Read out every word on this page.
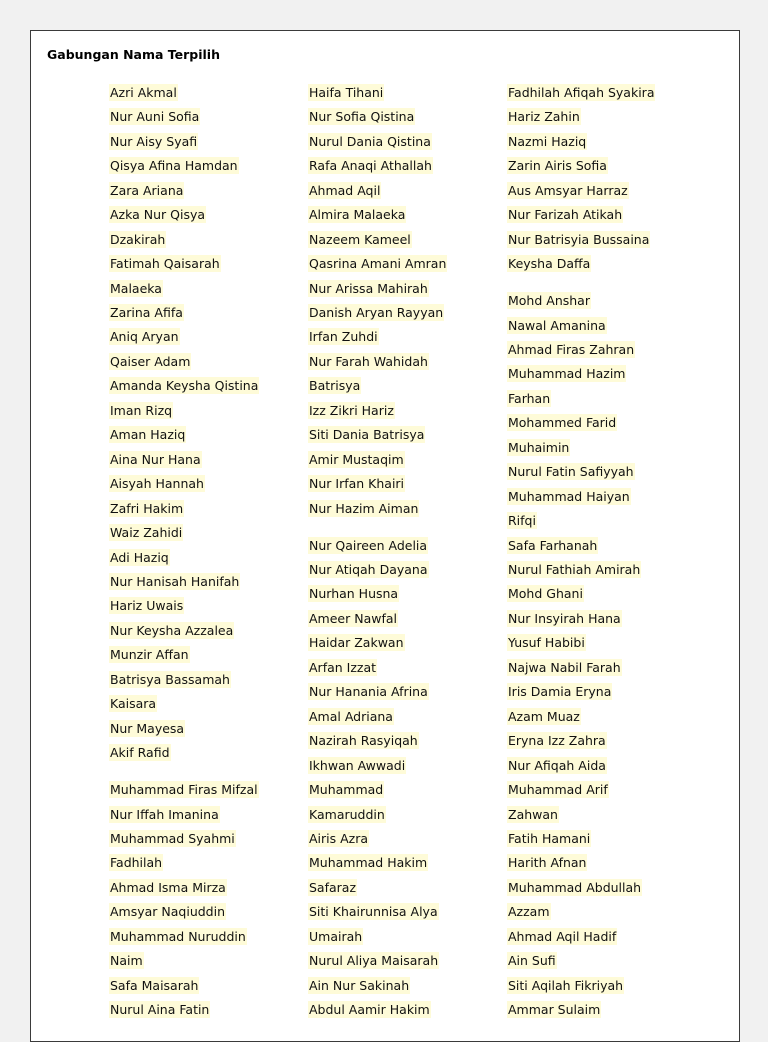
Gabungan Nama Terpilih
Azri Akmal
Nur Auni Sofia
Nur Aisy Syafi
Qisya Afina Hamdan
Zara Ariana
Azka Nur Qisya
Dzakirah
Fatimah Qaisarah
Malaeka
Zarina Afifa
Aniq Aryan
Qaiser Adam
Amanda Keysha Qistina
Iman Rizq
Aman Haziq
Aina Nur Hana
Aisyah Hannah
Zafri Hakim
Waiz Zahidi
Adi Haziq
Nur Hanisah Hanifah
Hariz Uwais
Nur Keysha Azzalea
Munzir Affan
Batrisya Bassamah
Kaisara
Nur Mayesa
Akif Rafid
Muhammad Firas Mifzal
Nur Iffah Imanina
Muhammad Syahmi
Fadhilah
Ahmad Isma Mirza
Amsyar Naqiuddin
Muhammad Nuruddin
Naim
Safa Maisarah
Nurul Aina Fatin
Haifa Tihani
Nur Sofia Qistina
Nurul Dania Qistina
Rafa Anaqi Athallah
Ahmad Aqil
Almira Malaeka
Nazeem Kameel
Qasrina Amani Amran
Nur Arissa Mahirah
Danish Aryan Rayyan
Irfan Zuhdi
Nur Farah Wahidah
Batrisya
Izz Zikri Hariz
Siti Dania Batrisya
Amir Mustaqim
Nur Irfan Khairi
Nur Hazim Aiman
Nur Qaireen Adelia
Nur Atiqah Dayana
Nurhan Husna
Ameer Nawfal
Haidar Zakwan
Arfan Izzat
Nur Hanania Afrina
Amal Adriana
Nazirah Rasyiqah
Ikhwan Awwadi
Muhammad
Kamaruddin
Airis Azra
Muhammad Hakim
Safaraz
Siti Khairunnisa Alya
Umairah
Nurul Aliya Maisarah
Ain Nur Sakinah
Abdul Aamir Hakim
Fadhilah Afiqah Syakira
Hariz Zahin
Nazmi Haziq
Zarin Airis Sofia
Aus Amsyar Harraz
Nur Farizah Atikah
Nur Batrisyia Bussaina
Keysha Daffa
Mohd Anshar
Nawal Amanina
Ahmad Firas Zahran
Muhammad Hazim
Farhan
Mohammed Farid
Muhaimin
Nurul Fatin Safiyyah
Muhammad Haiyan
Rifqi
Safa Farhanah
Nurul Fathiah Amirah
Mohd Ghani
Nur Insyirah Hana
Yusuf Habibi
Najwa Nabil Farah
Iris Damia Eryna
Azam Muaz
Eryna Izz Zahra
Nur Afiqah Aida
Muhammad Arif
Zahwan
Fatih Hamani
Harith Afnan
Muhammad Abdullah
Azzam
Ahmad Aqil Hadif
Ain Sufi
Siti Aqilah Fikriyah
Ammar Sulaim
